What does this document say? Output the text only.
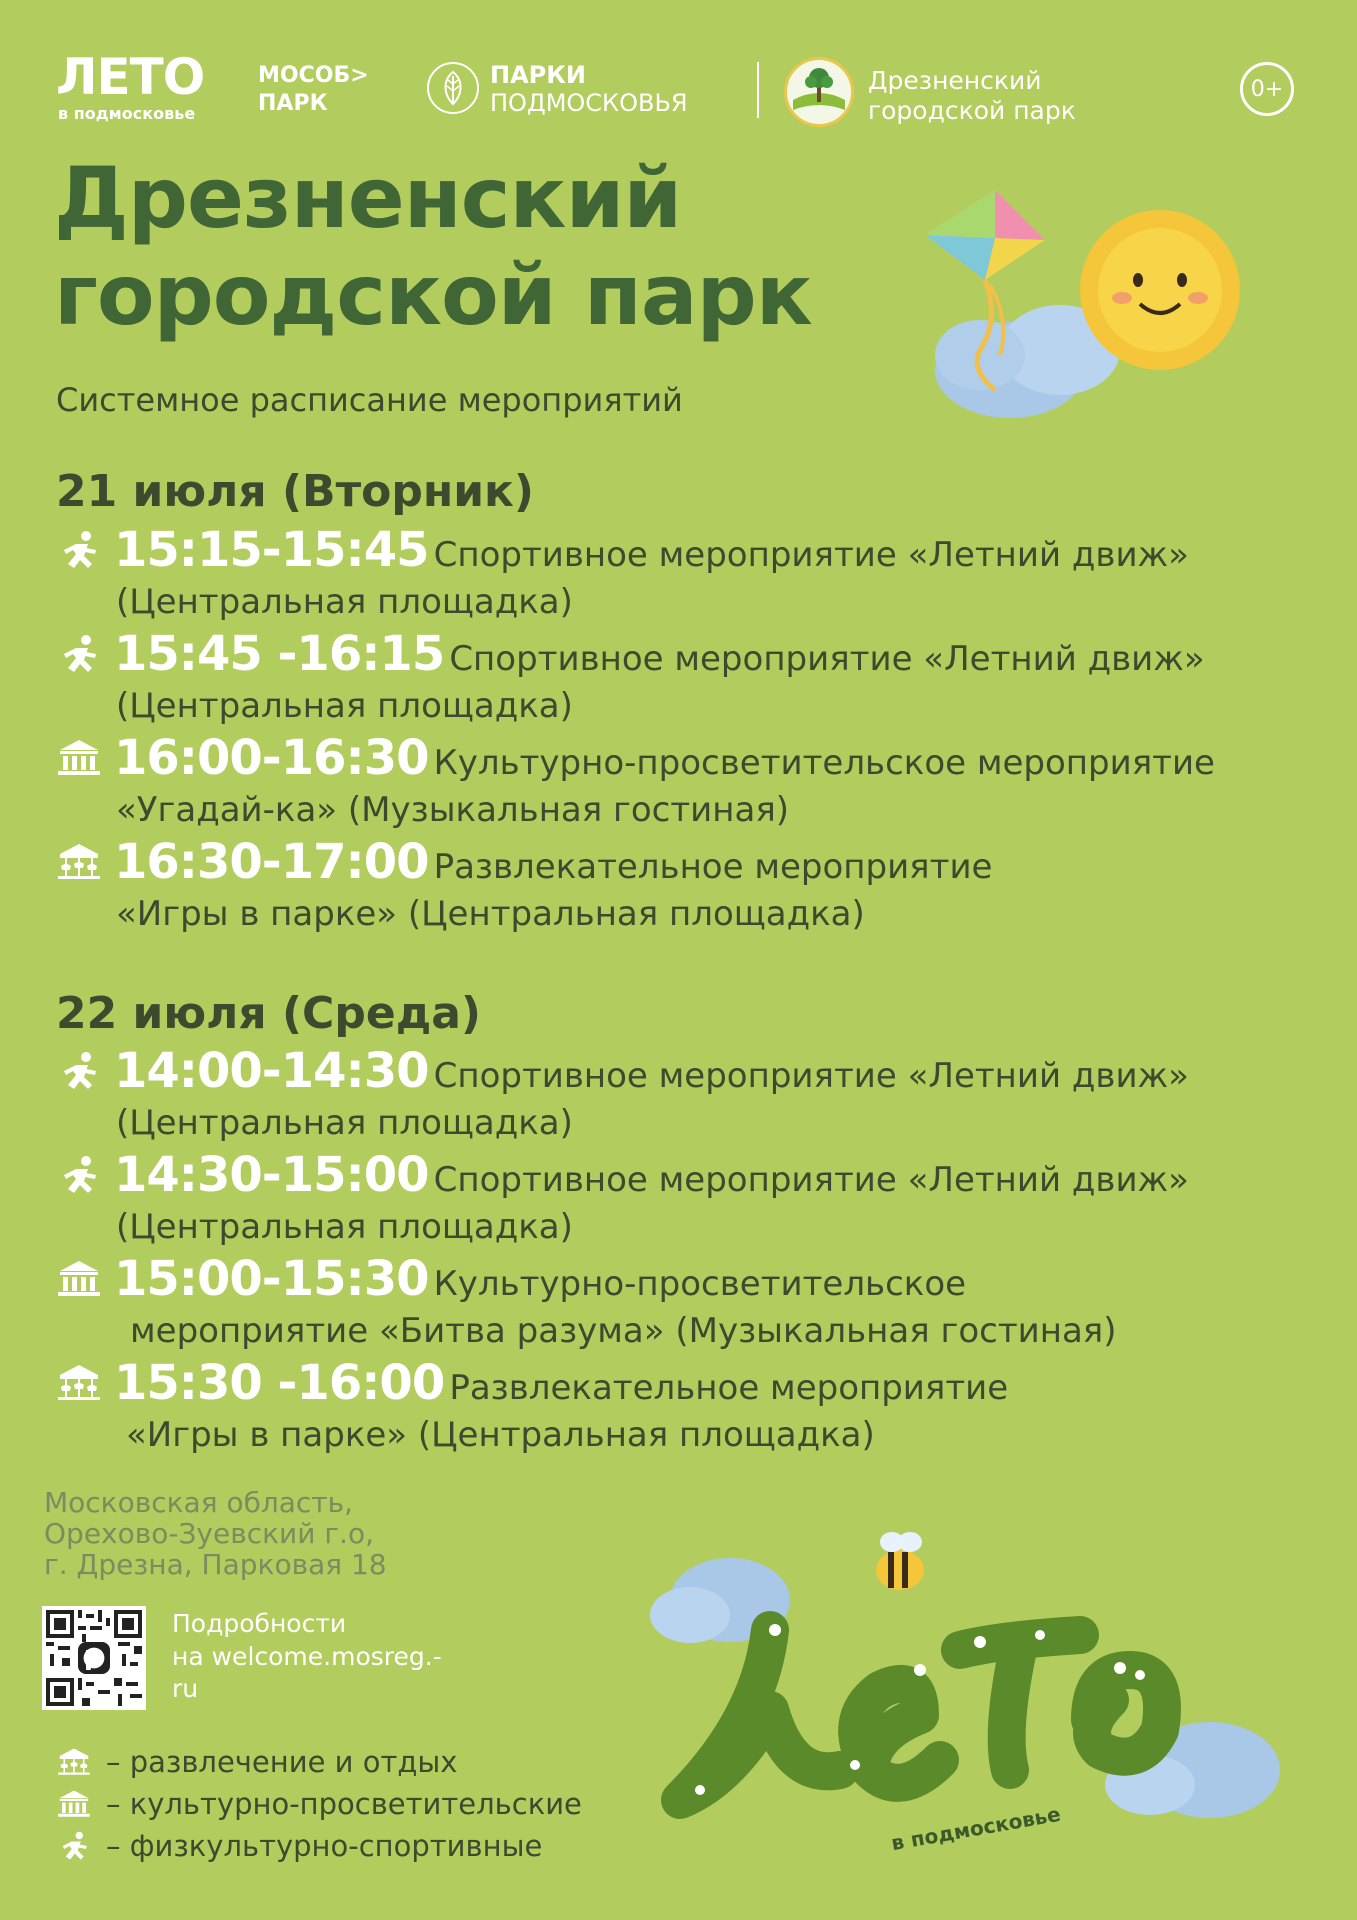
ЛЕТО
в подмосковье
МОСОБ>
ПАРК
ПАРКИ
ПОДМОСКОВЬЯ
Дрезненский
городской парк
0+
Дрезненский
городской парк
Системное расписание мероприятий
21 июля (Вторник)
15:15-15:45 Спортивное мероприятие «Летний движ»
(Центральная площадка)
15:45 -16:15 Спортивное мероприятие «Летний движ»
(Центральная площадка)
16:00-16:30 Культурно-просветительское мероприятие
«Угадай-ка» (Музыкальная гостиная)
16:30-17:00 Развлекательное мероприятие
«Игры в парке» (Центральная площадка)
22 июля (Среда)
14:00-14:30 Спортивное мероприятие «Летний движ»
(Центральная площадка)
14:30-15:00 Спортивное мероприятие «Летний движ»
(Центральная площадка)
15:00-15:30 Культурно-просветительское
мероприятие «Битва разума» (Музыкальная гостиная)
15:30 -16:00 Развлекательное мероприятие
«Игры в парке» (Центральная площадка)
Московская область,
Орехово-Зуевский г.о,
г. Дрезна, Парковая 18
Подробности
на welcome.mosreg.-
ru
– развлечение и отдых
– культурно-просветительские
– физкультурно-спортивные	в подмосковье
